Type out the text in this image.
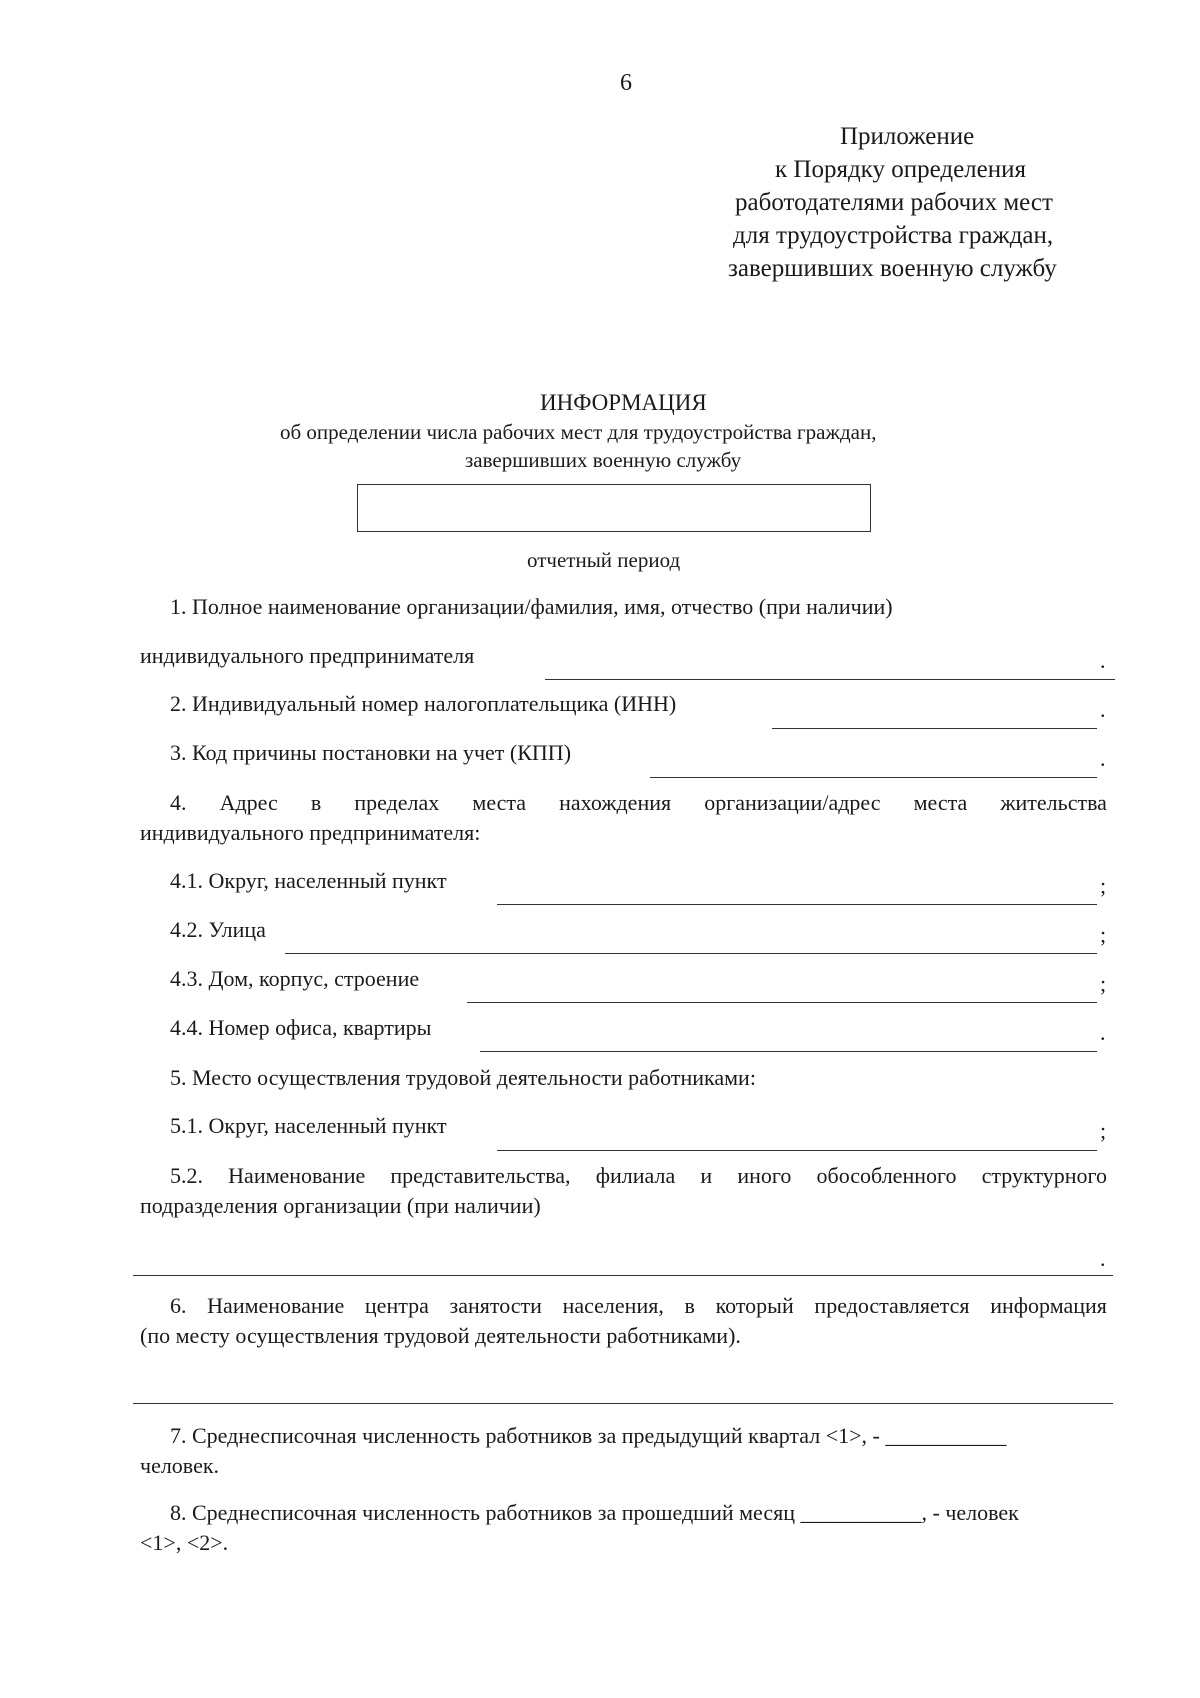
6
Приложение
к Порядку определения
работодателями рабочих мест
для трудоустройства граждан,
завершивших военную службу
ИНФОРМАЦИЯ
об определении числа рабочих мест для трудоустройства граждан,
завершивших военную службу
отчетный период
1. Полное наименование организации/фамилия, имя, отчество (при наличии)
индивидуального предпринимателя	.
2. Индивидуальный номер налогоплательщика (ИНН)	.
3. Код причины постановки на учет (КПП)	.
4. Адрес в пределах места нахождения организации/адрес места жительства
индивидуального предпринимателя:
4.1. Округ, населенный пункт	;
4.2. Улица	;
4.3. Дом, корпус, строение	;
4.4. Номер офиса, квартиры	.
5. Место осуществления трудовой деятельности работниками:
5.1. Округ, населенный пункт	;
5.2. Наименование представительства, филиала и иного обособленного структурного
подразделения организации (при наличии)
.
6. Наименование центра занятости населения, в который предоставляется информация
(по месту осуществления трудовой деятельности работниками).
7. Среднесписочная численность работников за предыдущий квартал <1>, - ___________
человек.
8. Среднесписочная численность работников за прошедший месяц ___________, - человек
<1>, <2>.
